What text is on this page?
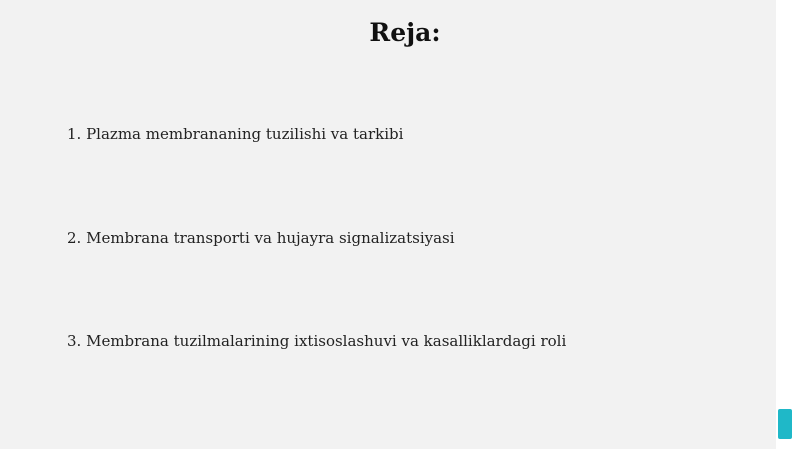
Reja:

1. Plazma membrananing tuzilishi va tarkibi

2. Membrana transporti va hujayra signalizatsiyasi

3. Membrana tuzilmalarining ixtisoslashuvi va kasalliklardagi roli
